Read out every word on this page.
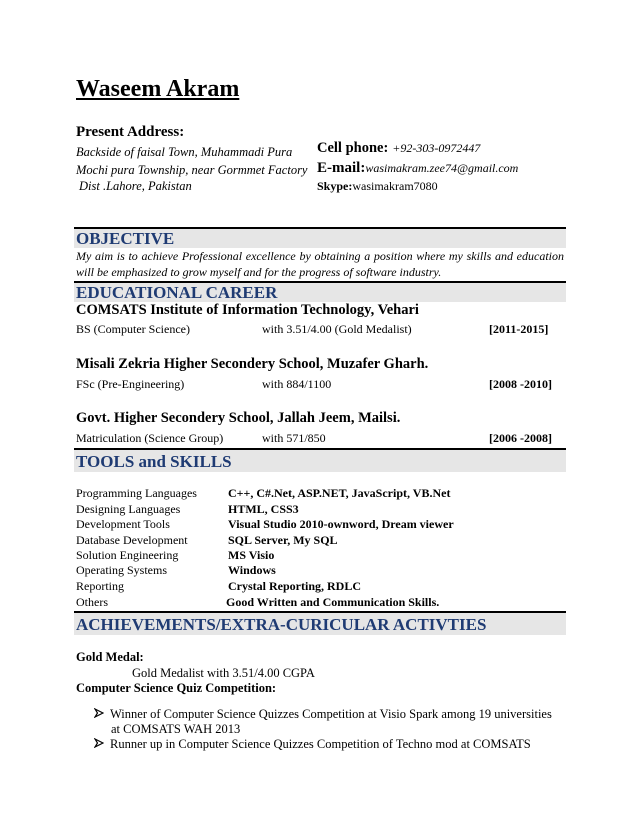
Waseem Akram
Present Address:
Backside of faisal Town, Muhammadi Pura
Mochi pura Township, near Gormmet Factory
Dist .Lahore, Pakistan
Cell phone: +92-303-0972447
E-mail:wasimakram.zee74@gmail.com
Skype:wasimakram7080
OBJECTIVE
My aim is to achieve Professional excellence by obtaining a position where my skills and education will be emphasized to grow myself and for the progress of software industry.
EDUCATIONAL CAREER
COMSATS Institute of Information Technology, Vehari
BS (Computer Science)	with 3.51/4.00 (Gold Medalist)	[2011-2015]
Misali Zekria Higher Secondery School, Muzafer Gharh.
FSc (Pre-Engineering)	with 884/1100	[2008 -2010]
Govt. Higher Secondery School, Jallah Jeem, Mailsi.
Matriculation (Science Group)	with 571/850	[2006 -2008]
TOOLS and SKILLS
Programming Languages	C++, C#.Net, ASP.NET, JavaScript, VB.Net
Designing Languages	HTML, CSS3
Development Tools	Visual Studio 2010-ownword, Dream viewer
Database Development	SQL Server, My SQL
Solution Engineering	MS Visio
Operating Systems	Windows
Reporting	Crystal Reporting, RDLC
Others	Good Written and Communication Skills.
ACHIEVEMENTS/EXTRA-CURICULAR ACTIVTIES
Gold Medal:
Gold Medalist with 3.51/4.00 CGPA
Computer Science Quiz Competition:
Winner of Computer Science Quizzes Competition at Visio Spark among 19 universities
at COMSATS WAH 2013
Runner up in Computer Science Quizzes Competition of Techno mod at COMSATS
